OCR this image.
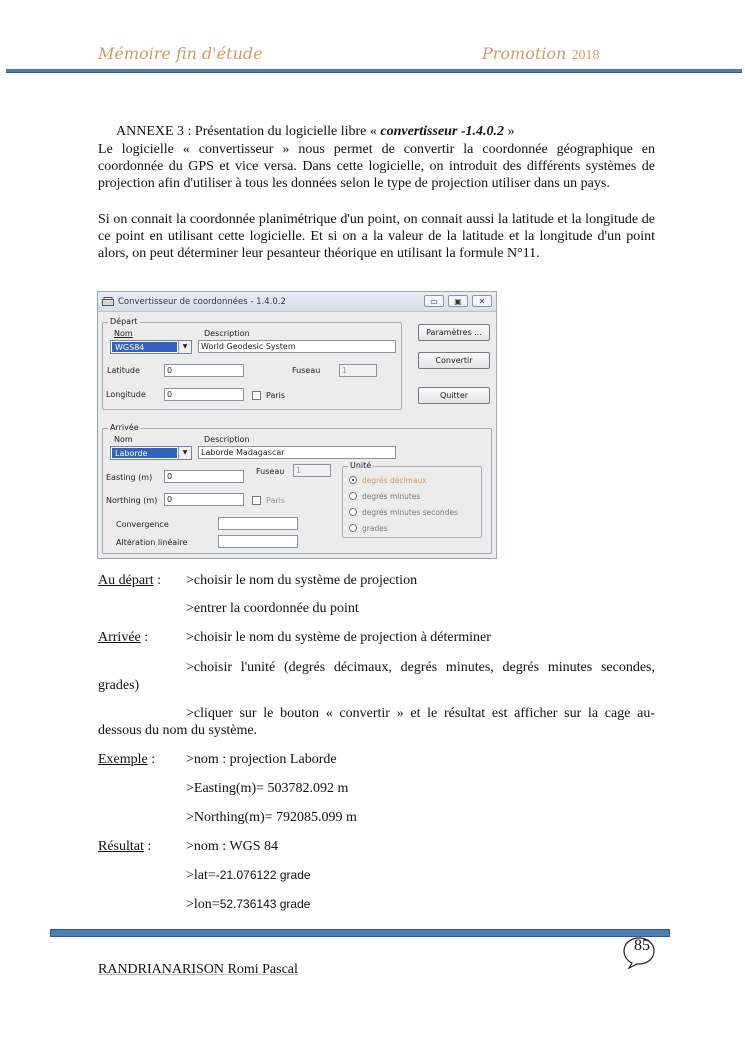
Mémoire fin d'étude	Promotion 2018
ANNEXE 3 : Présentation du logicielle libre « convertisseur -1.4.0.2 »

Le logicielle « convertisseur » nous permet de convertir la coordonnée géographique en coordonnée du GPS et vice versa. Dans cette logicielle, on introduit des différents systèmes de projection afin d'utiliser à tous les données selon le type de projection utiliser dans un pays.

Si on connait la coordonnée planimétrique d'un point, on connait aussi la latitude et la longitude de ce point en utilisant cette logicielle. Et si on a la valeur de la latitude et la longitude d'un point alors, on peut déterminer leur pesanteur théorique en utilisant la formule N°11.

Convertisseur de coordonnées - 1.4.0.2	▭	▣	✕
Départ
Nom	Description
WGS84	▼	World Geodesic System
Latitude	0	Fuseau	1
Longitude	0	Paris
Paramètres ...
Convertir
Quitter
Arrivée
Nom	Description
Laborde	▼	Laborde Madagascar
Fuseau	1
Easting (m)	0
Northing (m)	0	Paris
Convergence
Altération linéaire
Unité
degrés décimaux
degrés minutes
degrés minutes secondes
grades
Au départ : >choisir le nom du système de projection
>entrer la coordonnée du point
Arrivée :	>choisir le nom du système de projection à déterminer
>choisir l'unité (degrés décimaux, degrés minutes, degrés minutes secondes,
grades)
>cliquer sur le bouton « convertir » et le résultat est afficher sur la cage au-
dessous du nom du système.
Exemple : >nom : projection Laborde
>Easting(m)= 503782.092 m
>Northing(m)= 792085.099 m
Résultat : >nom : WGS 84
>lat=-21.076122 grade
>lon=52.736143 grade
85
RANDRIANARISON Romi Pascal
